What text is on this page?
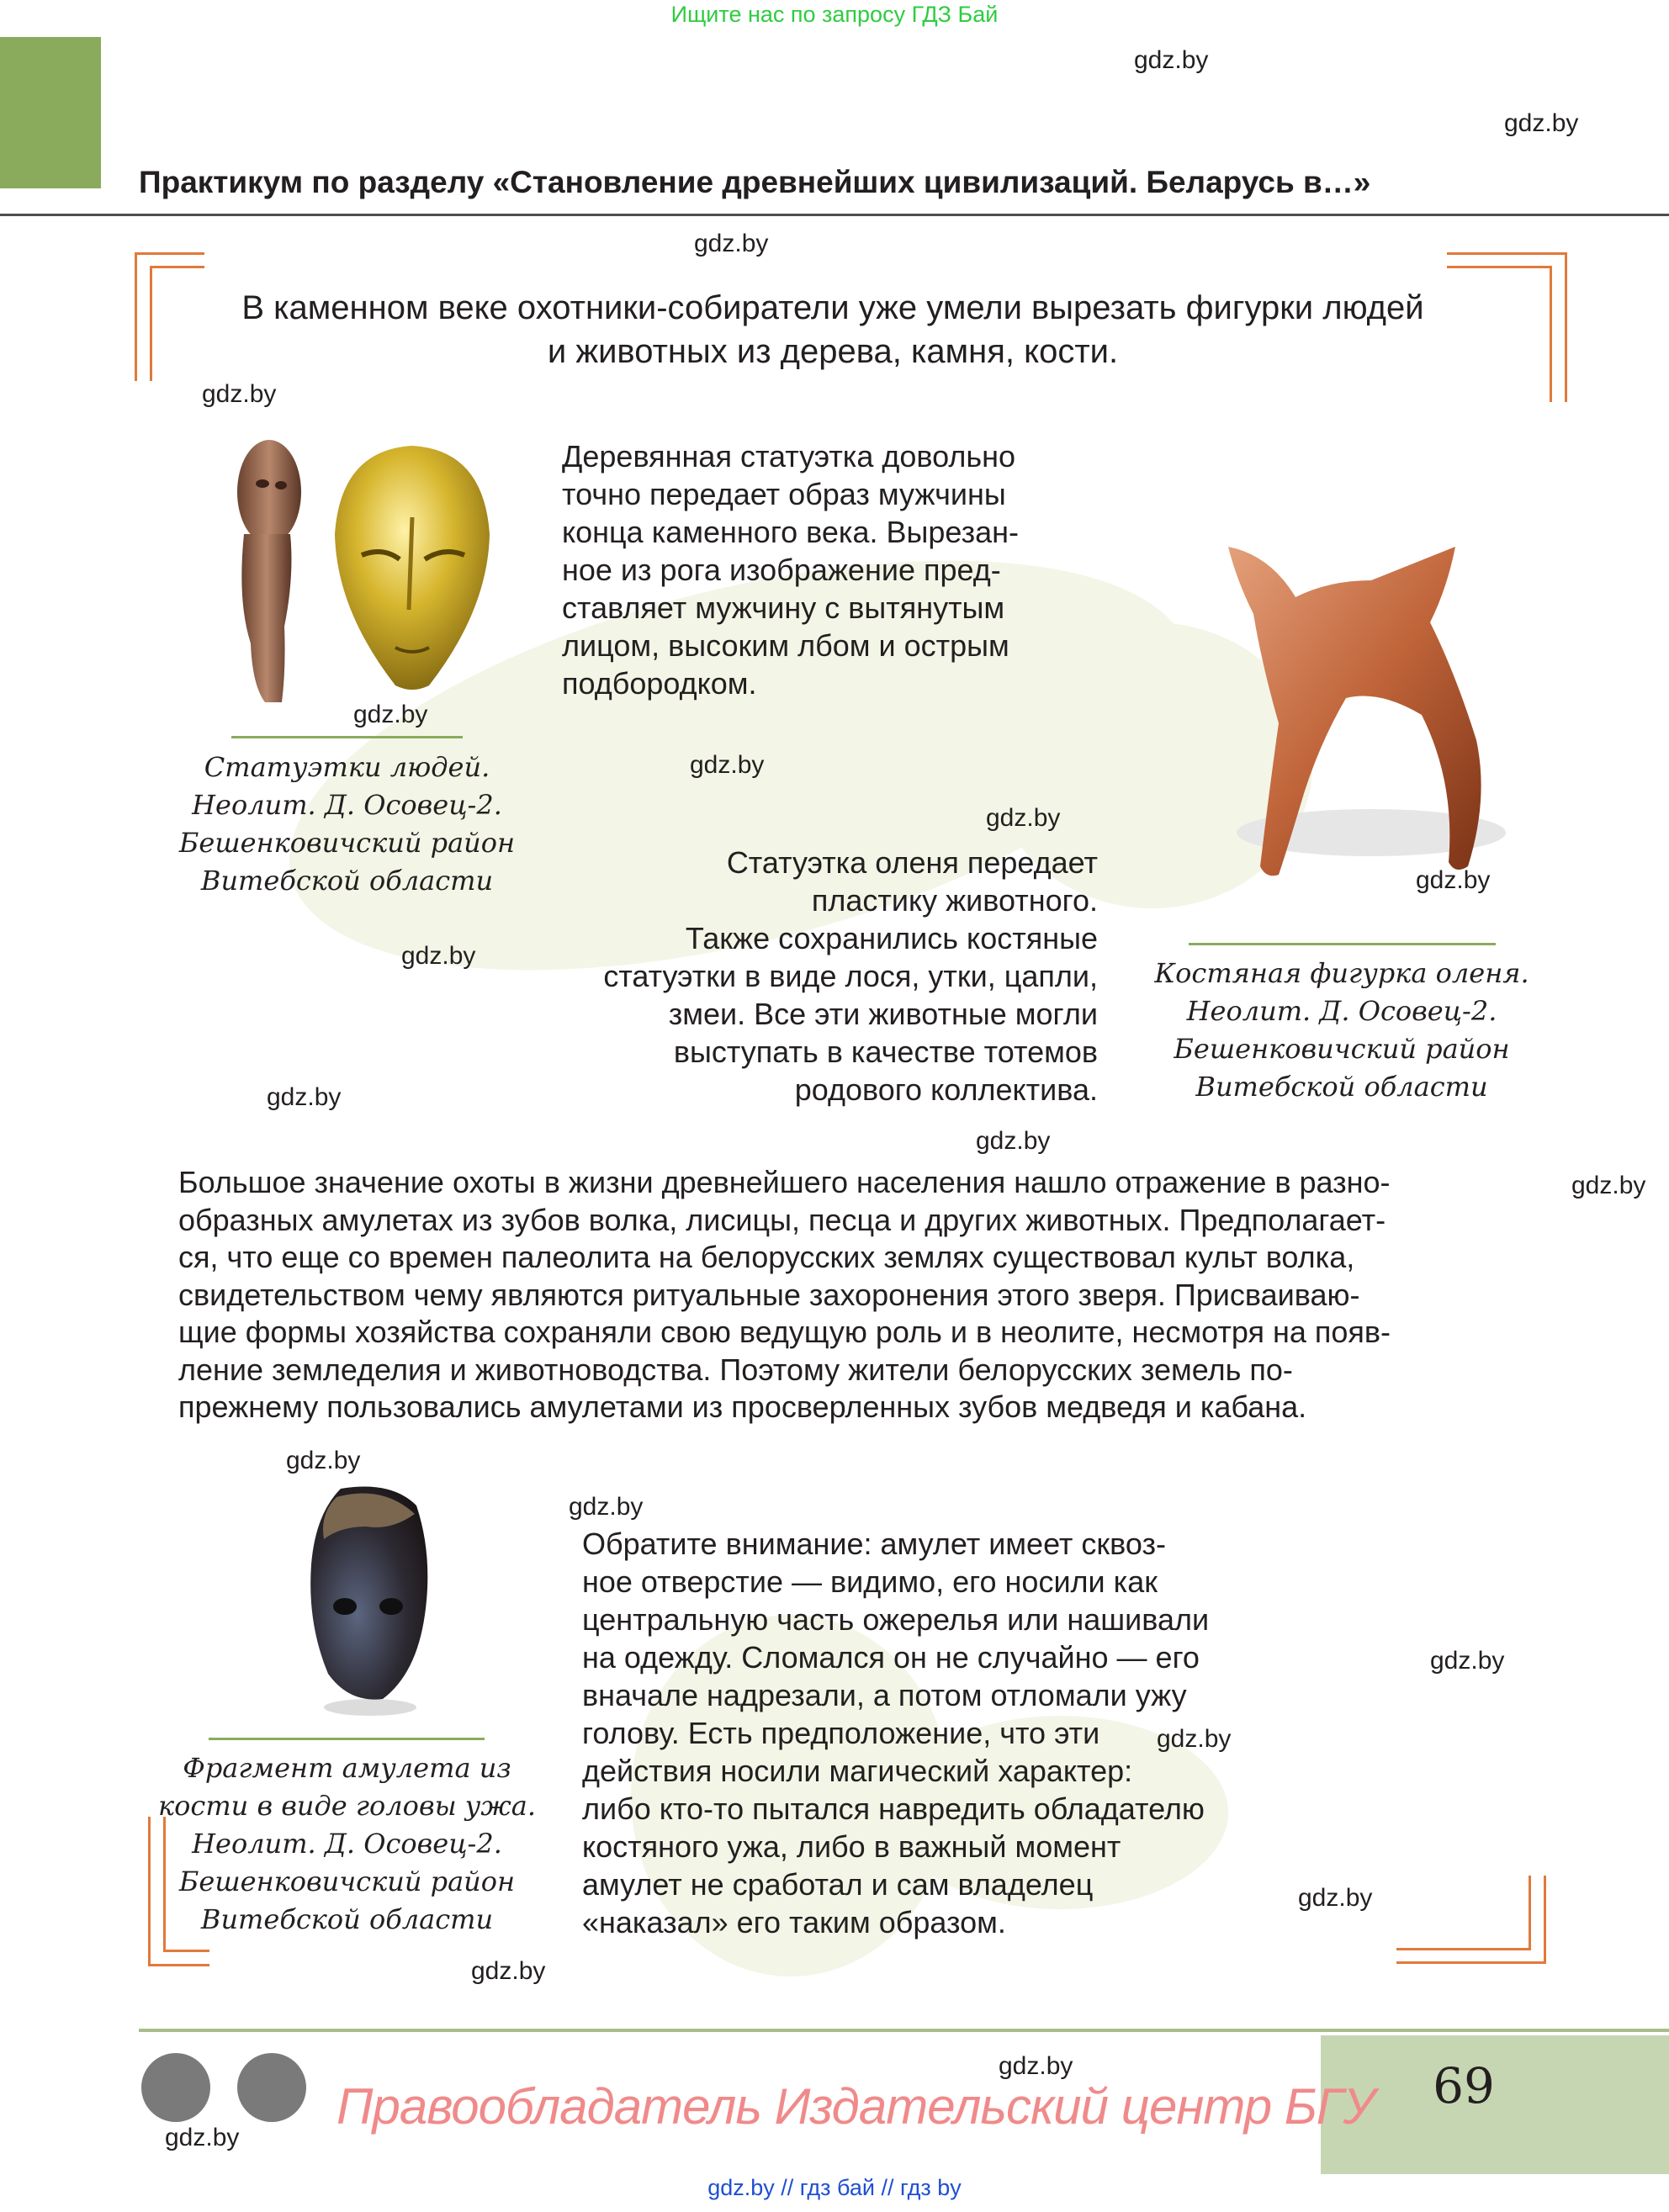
Ищите нас по запросу ГДЗ Бай
Практикум по разделу «Становление древнейших цивилизаций. Беларусь в…»
В каменном веке охотники-собиратели уже умели вырезать фигурки людей
и животных из дерева, камня, кости.
Статуэтки людей.
Неолит. Д. Осовец-2.
Бешенковичский район
Витебской области
Деревянная статуэтка довольно
точно передает образ мужчины
конца каменного века. Вырезан-
ное из рога изображение пред-
ставляет мужчину с вытянутым
лицом, высоким лбом и острым
подбородком.
Статуэтка оленя передает
пластику животного.
Также сохранились костяные
статуэтки в виде лося, утки, цапли,
змеи. Все эти животные могли
выступать в качестве тотемов
родового коллектива.
Костяная фигурка оленя.
Неолит. Д. Осовец-2.
Бешенковичский район
Витебской области
Большое значение охоты в жизни древнейшего населения нашло отражение в разно-
образных амулетах из зубов волка, лисицы, песца и других животных. Предполагает-
ся, что еще со времен палеолита на белорусских землях существовал культ волка,
свидетельством чему являются ритуальные захоронения этого зверя. Присваиваю-
щие формы хозяйства сохраняли свою ведущую роль и в неолите, несмотря на появ-
ление земледелия и животноводства. Поэтому жители белорусских земель по-
прежнему пользовались амулетами из просверленных зубов медведя и кабана.
Фрагмент амулета из
кости в виде головы ужа.
Неолит. Д. Осовец-2.
Бешенковичский район
Витебской области
Обратите внимание: амулет имеет сквоз-
ное отверстие — видимо, его носили как
центральную часть ожерелья или нашивали
на одежду. Сломался он не случайно — его
вначале надрезали, а потом отломали ужу
голову. Есть предположение, что эти
действия носили магический характер:
либо кто-то пытался навредить обладателю
костяного ужа, либо в важный момент
амулет не сработал и сам владелец
«наказал» его таким образом.
gdz.by
gdz.by
gdz.by
gdz.by
gdz.by
gdz.by
gdz.by
gdz.by
gdz.by
gdz.by
gdz.by
gdz.by
gdz.by
gdz.by
gdz.by
gdz.by
gdz.by
gdz.by
gdz.by
gdz.by
69
Правообладатель Издательский центр БГУ
gdz.by // гдз бай // гдз by
